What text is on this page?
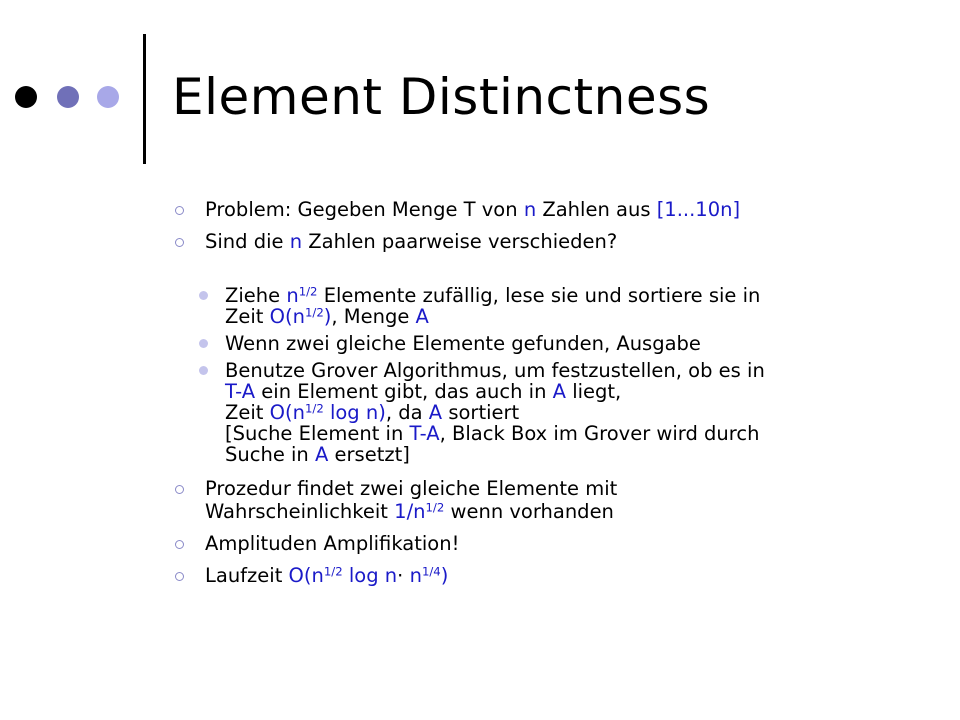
Element Distinctness
Problem: Gegeben Menge T von n Zahlen aus [1...10n]
Sind die n Zahlen paarweise verschieden?
Ziehe $n^{1/2}$ Elemente zufällig, lese sie und sortiere sie in
Zeit $O(n^{1/2})$, Menge A
Wenn zwei gleiche Elemente gefunden, Ausgabe
Benutze Grover Algorithmus, um festzustellen, ob es in
T-A ein Element gibt, das auch in A liegt,
Zeit $O(n^{1/2}$ log n), da A sortiert
[Suche Element in T-A, Black Box im Grover wird durch
Suche in A ersetzt]
Prozedur findet zwei gleiche Elemente mit
Wahrscheinlichkeit $1/n^{1/2}$ wenn vorhanden
Amplituden Amplifikation!
Laufzeit $O(n^{1/2}$ $\log n\cdot n^{1/4}$)
